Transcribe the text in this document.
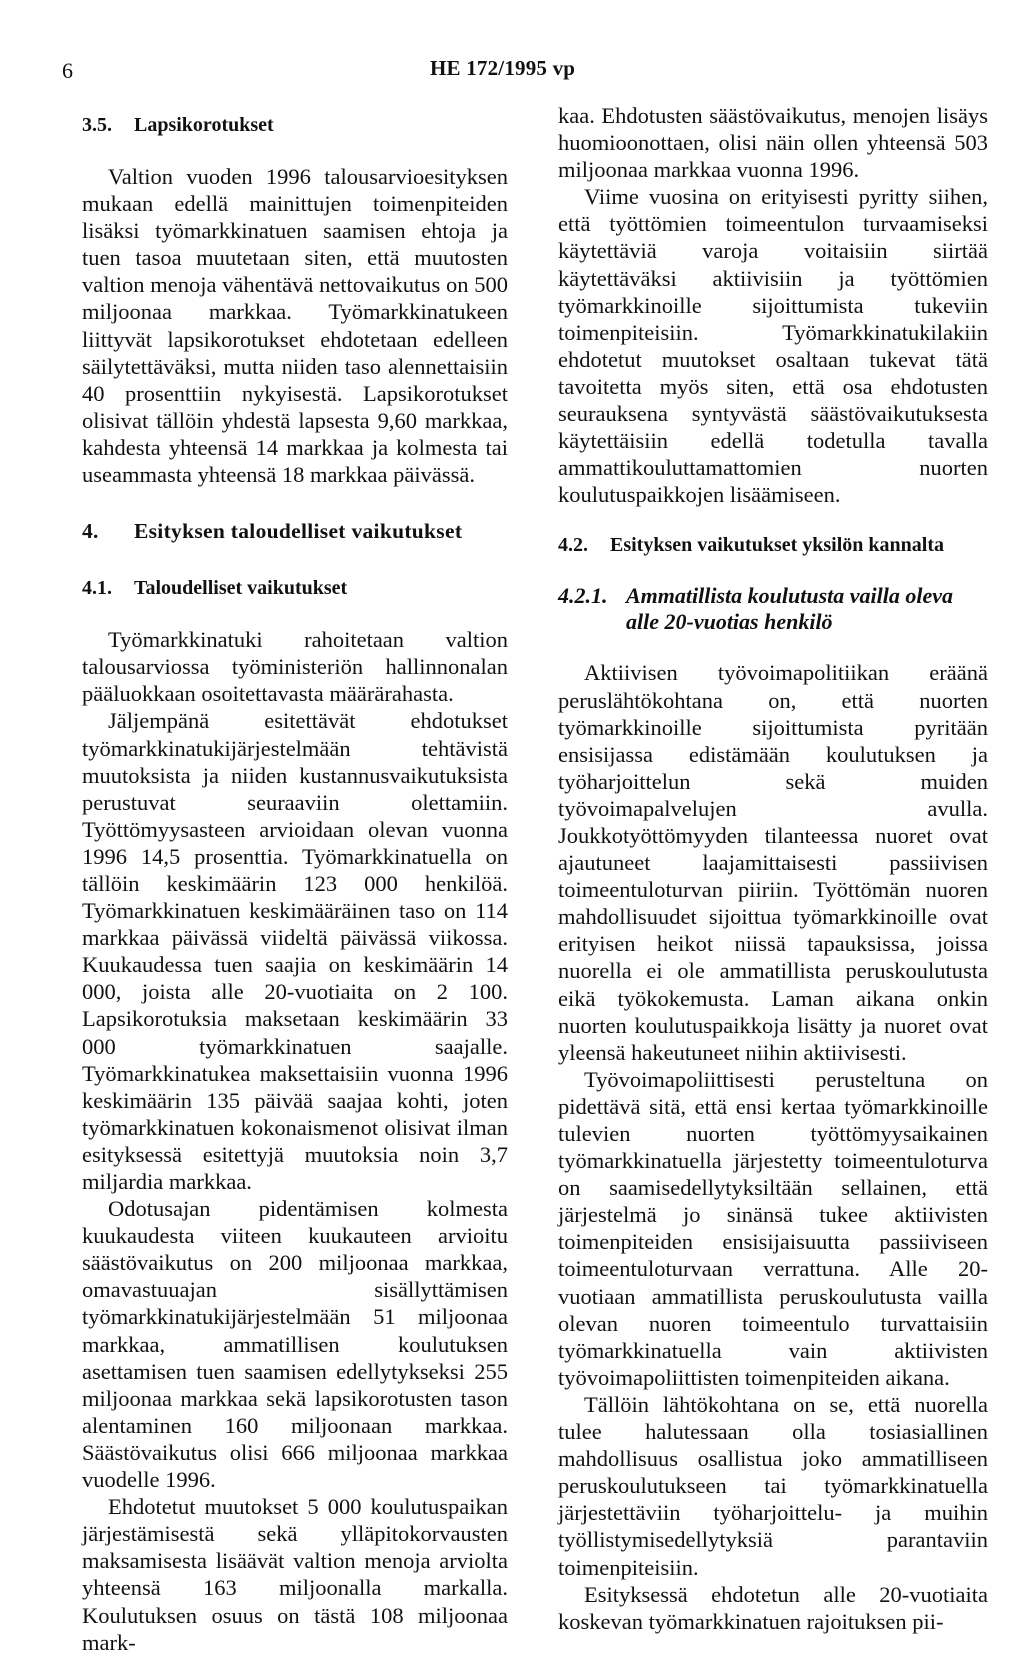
6	HE 172/1995 vp
3.5. Lapsikorotukset

Valtion vuoden 1996 talousarvioesityksen mukaan edellä mainittujen toimenpiteiden lisäksi työmarkkinatuen saamisen ehtoja ja tuen tasoa muutetaan siten, että muutosten valtion menoja vähentävä nettovaikutus on 500 miljoonaa markkaa. Työmarkkinatukeen liittyvät lapsikorotukset ehdotetaan edelleen säilytettäväksi, mutta niiden taso alennettaisiin 40 prosenttiin nykyisestä. Lapsikorotukset olisivat tällöin yhdestä lapsesta 9,60 markkaa, kahdesta yhteensä 14 markkaa ja kolmesta tai useammasta yhteensä 18 markkaa päivässä.

4. Esityksen taloudelliset vaikutukset
4.1. Taloudelliset vaikutukset

Työmarkkinatuki rahoitetaan valtion talousarviossa työministeriön hallinnonalan pääluokkaan osoitettavasta määrärahasta.

Jäljempänä esitettävät ehdotukset työmarkkinatukijärjestelmään tehtävistä muutoksista ja niiden kustannusvaikutuksista perustuvat seuraaviin olettamiin. Työttömyysasteen arvioidaan olevan vuonna 1996 14,5 prosenttia. Työmarkkinatuella on tällöin keskimäärin 123 000 henkilöä. Työmarkkinatuen keskimääräinen taso on 114 markkaa päivässä viideltä päivässä viikossa. Kuukaudessa tuen saajia on keskimäärin 14 000, joista alle 20-vuotiaita on 2 100. Lapsikorotuksia maksetaan keskimäärin 33 000 työmarkkinatuen saajalle. Työmarkkinatukea maksettaisiin vuonna 1996 keskimäärin 135 päivää saajaa kohti, joten työmarkkinatuen kokonaismenot olisivat ilman esityksessä esitettyjä muutoksia noin 3,7 miljardia markkaa.

Odotusajan pidentämisen kolmesta kuukaudesta viiteen kuukauteen arvioitu säästövaikutus on 200 miljoonaa markkaa, omavastuuajan sisällyttämisen työmarkkinatukijärjestelmään 51 miljoonaa markkaa, ammatillisen koulutuksen asettamisen tuen saamisen edellytykseksi 255 miljoonaa markkaa sekä lapsikorotusten tason alentaminen 160 miljoonaan markkaa. Säästövaikutus olisi 666 miljoonaa markkaa vuodelle 1996.

Ehdotetut muutokset 5 000 koulutuspaikan järjestämisestä sekä ylläpitokorvausten maksamisesta lisäävät valtion menoja arviolta yhteensä 163 miljoonalla markalla. Koulutuksen osuus on tästä 108 miljoonaa mark-

kaa. Ehdotusten säästövaikutus, menojen lisäys huomioonottaen, olisi näin ollen yhteensä 503 miljoonaa markkaa vuonna 1996.

Viime vuosina on erityisesti pyritty siihen, että työttömien toimeentulon turvaamiseksi käytettäviä varoja voitaisiin siirtää käytettäväksi aktiivisiin ja työttömien työmarkkinoille sijoittumista tukeviin toimenpiteisiin. Työmarkkinatukilakiin ehdotetut muutokset osaltaan tukevat tätä tavoitetta myös siten, että osa ehdotusten seurauksena syntyvästä säästövaikutuksesta käytettäisiin edellä todetulla tavalla ammattikouluttamattomien nuorten koulutuspaikkojen lisäämiseen.

4.2. Esityksen vaikutukset yksilön kannalta
4.2.1. Ammatillista koulutusta vailla oleva
alle 20-vuotias henkilö

Aktiivisen työvoimapolitiikan eräänä peruslähtökohtana on, että nuorten työmarkkinoille sijoittumista pyritään ensisijassa edistämään koulutuksen ja työharjoittelun sekä muiden työvoimapalvelujen avulla. Joukkotyöttömyyden tilanteessa nuoret ovat ajautuneet laajamittaisesti passiivisen toimeentuloturvan piiriin. Työttömän nuoren mahdollisuudet sijoittua työmarkkinoille ovat erityisen heikot niissä tapauksissa, joissa nuorella ei ole ammatillista peruskoulutusta eikä työkokemusta. Laman aikana onkin nuorten koulutuspaikkoja lisätty ja nuoret ovat yleensä hakeutuneet niihin aktiivisesti.

Työvoimapoliittisesti perusteltuna on pidettävä sitä, että ensi kertaa työmarkkinoille tulevien nuorten työttömyysaikainen työmarkkinatuella järjestetty toimeentuloturva on saamisedellytyksiltään sellainen, että järjestelmä jo sinänsä tukee aktiivisten toimenpiteiden ensisijaisuutta passiiviseen toimeentuloturvaan verrattuna. Alle 20-vuotiaan ammatillista peruskoulutusta vailla olevan nuoren toimeentulo turvattaisiin työmarkkinatuella vain aktiivisten työvoimapoliittisten toimenpiteiden aikana.

Tällöin lähtökohtana on se, että nuorella tulee halutessaan olla tosiasiallinen mahdollisuus osallistua joko ammatilliseen peruskoulutukseen tai työmarkkinatuella järjestettäviin työharjoittelu- ja muihin työllistymisedellytyksiä parantaviin toimenpiteisiin.

Esityksessä ehdotetun alle 20-vuotiaita koskevan työmarkkinatuen rajoituksen pii-
